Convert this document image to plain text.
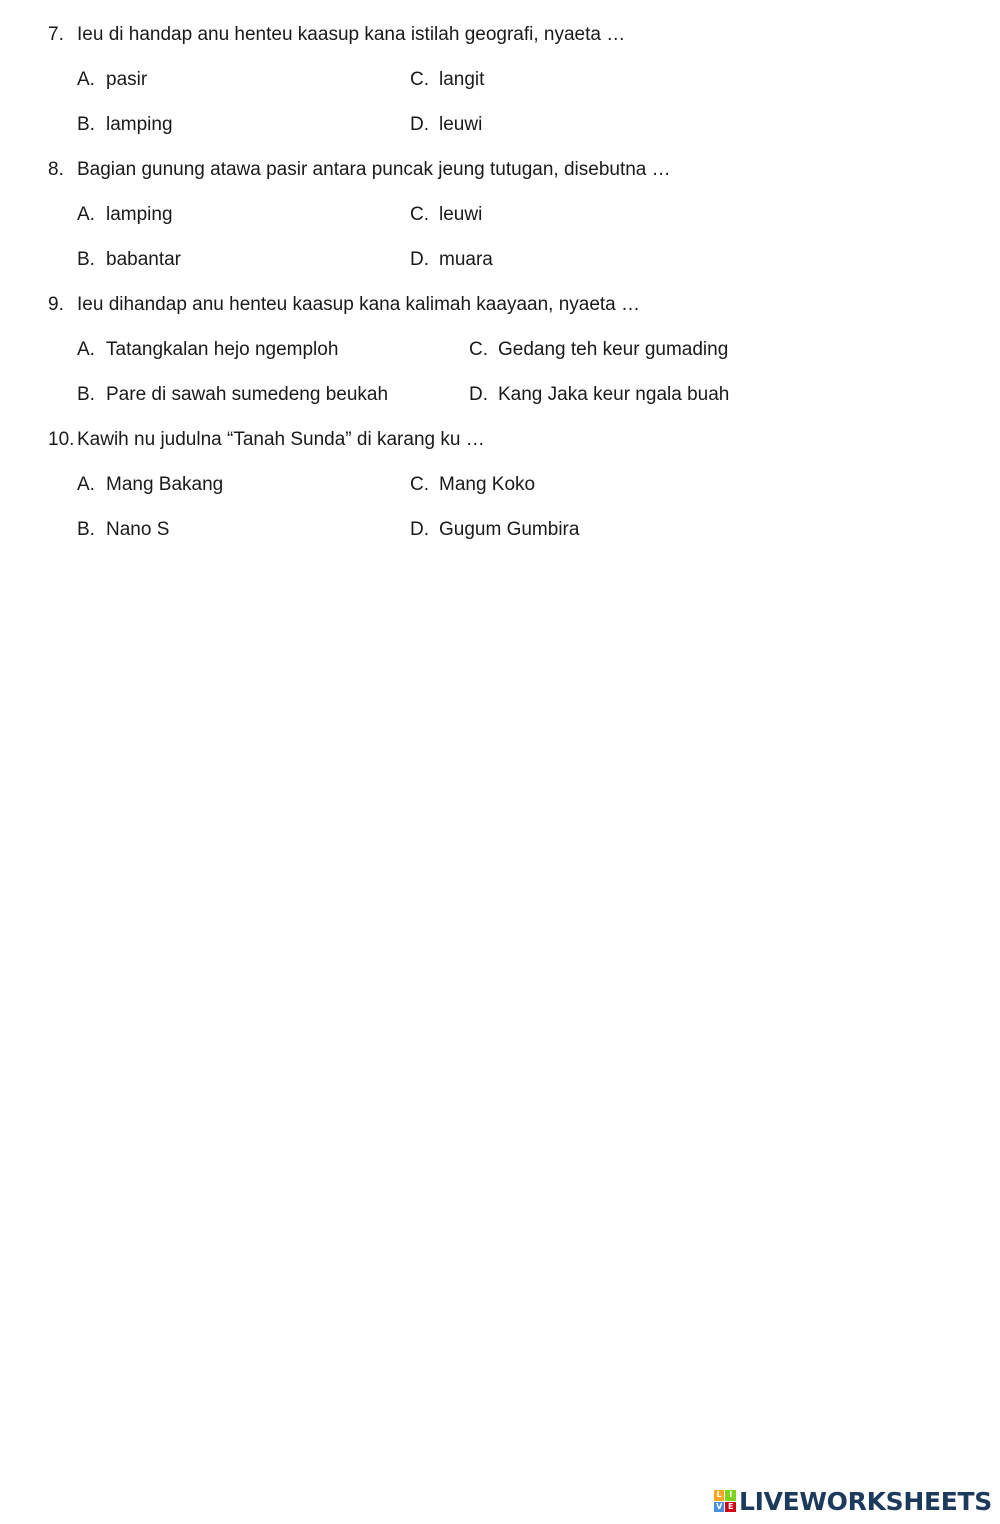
7. Ieu di handap anu henteu kaasup kana istilah geografi, nyaeta …
A. pasir	C. langit
B. lamping	D. leuwi
8. Bagian gunung atawa pasir antara puncak jeung tutugan, disebutna …
A. lamping	C. leuwi
B. babantar	D. muara
9. Ieu dihandap anu henteu kaasup kana kalimah kaayaan, nyaeta …
A. Tatangkalan hejo ngemploh	C. Gedang teh keur gumading
B. Pare di sawah sumedeng beukah	D. Kang Jaka keur ngala buah
10. Kawih nu judulna “Tanah Sunda” di karang ku …
A. Mang Bakang	C. Mang Koko
B. Nano S	D. Gugum Gumbira
L I
V E LIVEWORKSHEETS
